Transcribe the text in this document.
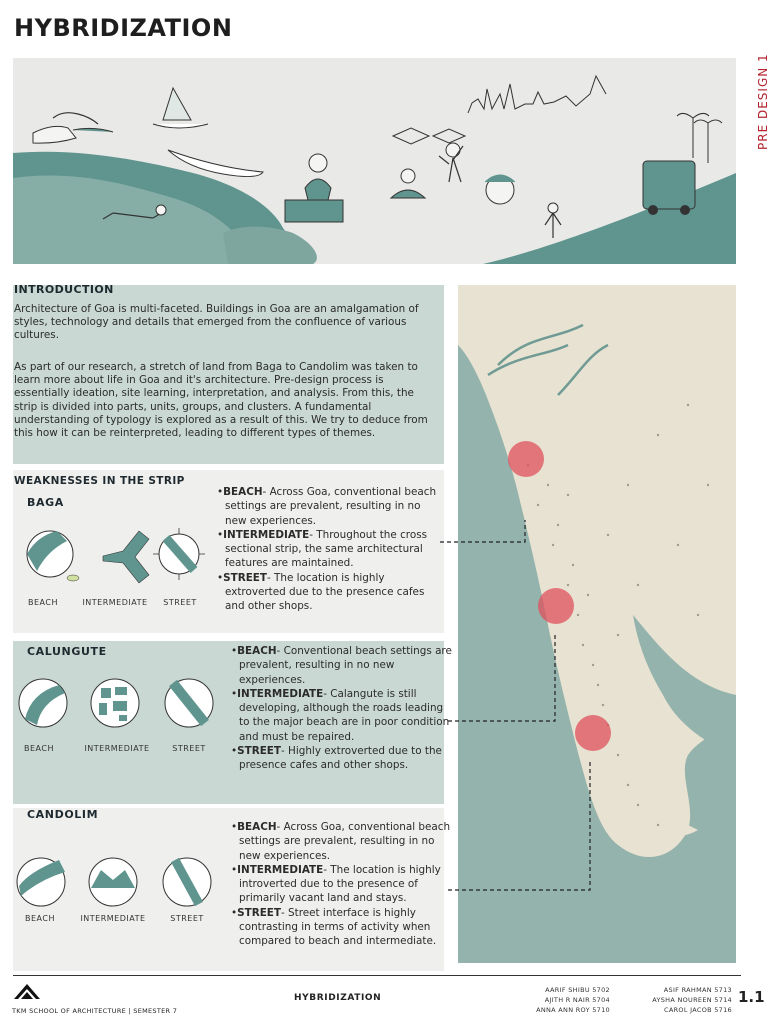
HYBRIDIZATION
PRE DESIGN 1
INTRODUCTION
Architecture of Goa is multi-faceted. Buildings in Goa are an amalgamation of styles, technology and details that emerged from the confluence of various cultures.
As part of our research, a stretch of land from Baga to Candolim was taken to learn more about life in Goa and it's architecture. Pre-design process is essentially ideation, site learning, interpretation, and analysis. From this, the strip is divided into parts, units, groups, and clusters. A fundamental understanding of typology is explored as a result of this. We try to deduce from this how it can be reinterpreted, leading to different types of themes.
BAGA
BEACH	INTERMEDIATE	STREET

•BEACH- Across Goa, conventional beach settings are prevalent, resulting in no new experiences.

•INTERMEDIATE- Throughout the cross sectional strip, the same architectural features are maintained.

•STREET- The location is highly extroverted due to the presence cafes and other shops.

WEAKNESSES IN THE STRIP
CALUNGUTE
BEACH	INTERMEDIATE	STREET

•BEACH- Conventional beach settings are prevalent, resulting in no new experiences.

•INTERMEDIATE- Calangute is still developing, although the roads leading to the major beach are in poor condition and must be repaired.

•STREET- Highly extroverted due to the presence cafes and other shops.

CANDOLIM
BEACH	INTERMEDIATE	STREET

•BEACH- Across Goa, conventional beach settings are prevalent, resulting in no new experiences.

•INTERMEDIATE- The location is highly introverted due to the presence of primarily vacant land and stays.

•STREET- Street interface is highly contrasting in terms of activity when compared to beach and intermediate.

TKM SCHOOL OF ARCHITECTURE | SEMESTER 7
HYBRIDIZATION
AARIF SHIBU 5702
AJITH R NAIR 5704
ANNA ANN ROY 5710
ASIF RAHMAN 5713
AYSHA NOUREEN 5714
CAROL JACOB 5716
1.1
